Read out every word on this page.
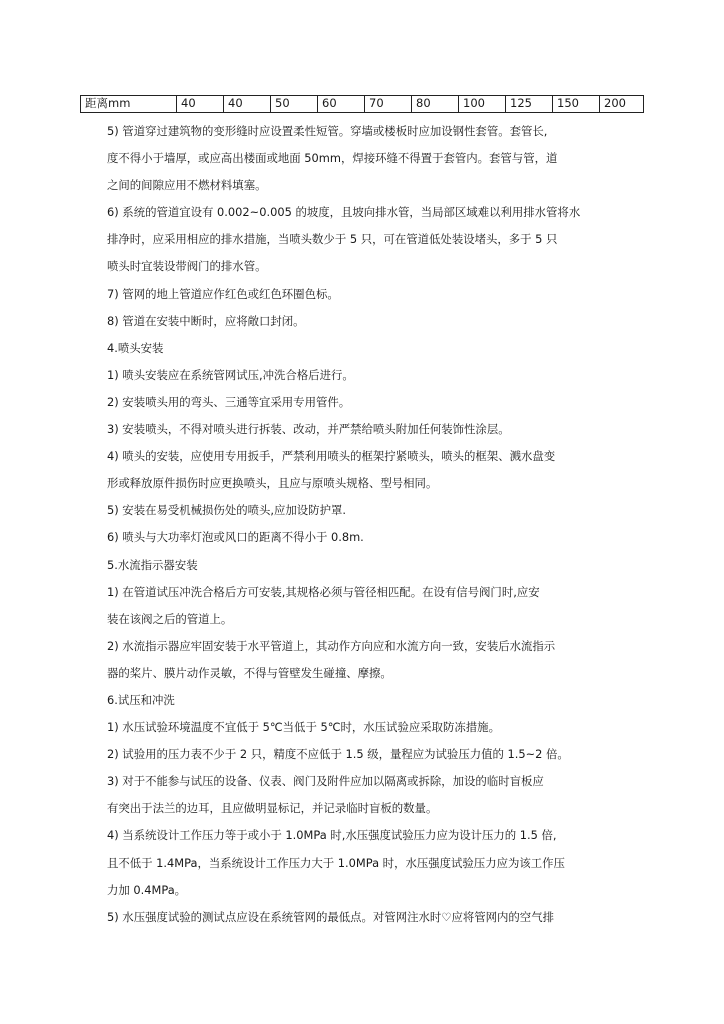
距离mm	40	40	50	60	70	80	100	125	150	200

5) 管道穿过建筑物的变形缝时应设置柔性短管。穿墙或楼板时应加设钢性套管。套管长,

度不得小于墙厚，或应高出楼面或地面 50mm，焊接环缝不得置于套管内。套管与管，道

之间的间隙应用不燃材料填塞。

6) 系统的管道宜设有 0.002~0.005 的坡度，且坡向排水管，当局部区域难以利用排水管将水

排净时，应采用相应的排水措施，当喷头数少于 5 只，可在管道低处装设堵头，多于 5 只

喷头时宜装设带阀门的排水管。

7) 管网的地上管道应作红色或红色环圈色标。

8) 管道在安装中断时，应将敞口封闭。

4.喷头安装

1) 喷头安装应在系统管网试压,冲洗合格后进行。

2) 安装喷头用的弯头、三通等宜采用专用管件。

3) 安装喷头，不得对喷头进行拆装、改动，并严禁给喷头附加任何装饰性涂层。

4) 喷头的安装，应使用专用扳手，严禁利用喷头的框架拧紧喷头，喷头的框架、溅水盘变

形或释放原件损伤时应更换喷头，且应与原喷头规格、型号相同。

5) 安装在易受机械损伤处的喷头,应加设防护罩.

6) 喷头与大功率灯泡或风口的距离不得小于 0.8m.

5.水流指示器安装

1) 在管道试压冲洗合格后方可安装,其规格必须与管径相匹配。在设有信号阀门时,应安

装在该阀之后的管道上。

2) 水流指示器应牢固安装于水平管道上，其动作方向应和水流方向一致，安装后水流指示

器的桨片、膜片动作灵敏，不得与管壁发生碰撞、摩擦。

6.试压和冲洗

1) 水压试验环境温度不宜低于 5℃当低于 5℃时，水压试验应采取防冻措施。

2) 试验用的压力表不少于 2 只，精度不应低于 1.5 级，量程应为试验压力值的 1.5~2 倍。

3) 对于不能参与试压的设备、仪表、阀门及附件应加以隔离或拆除，加设的临时盲板应

有突出于法兰的边耳，且应做明显标记，并记录临时盲板的数量。

4) 当系统设计工作压力等于或小于 1.0MPa 时,水压强度试验压力应为设计压力的 1.5 倍,

且不低于 1.4MPa，当系统设计工作压力大于 1.0MPa 时，水压强度试验压力应为该工作压

力加 0.4MPa。

5) 水压强度试验的测试点应设在系统管网的最低点。对管网注水时♡应将管网内的空气排
